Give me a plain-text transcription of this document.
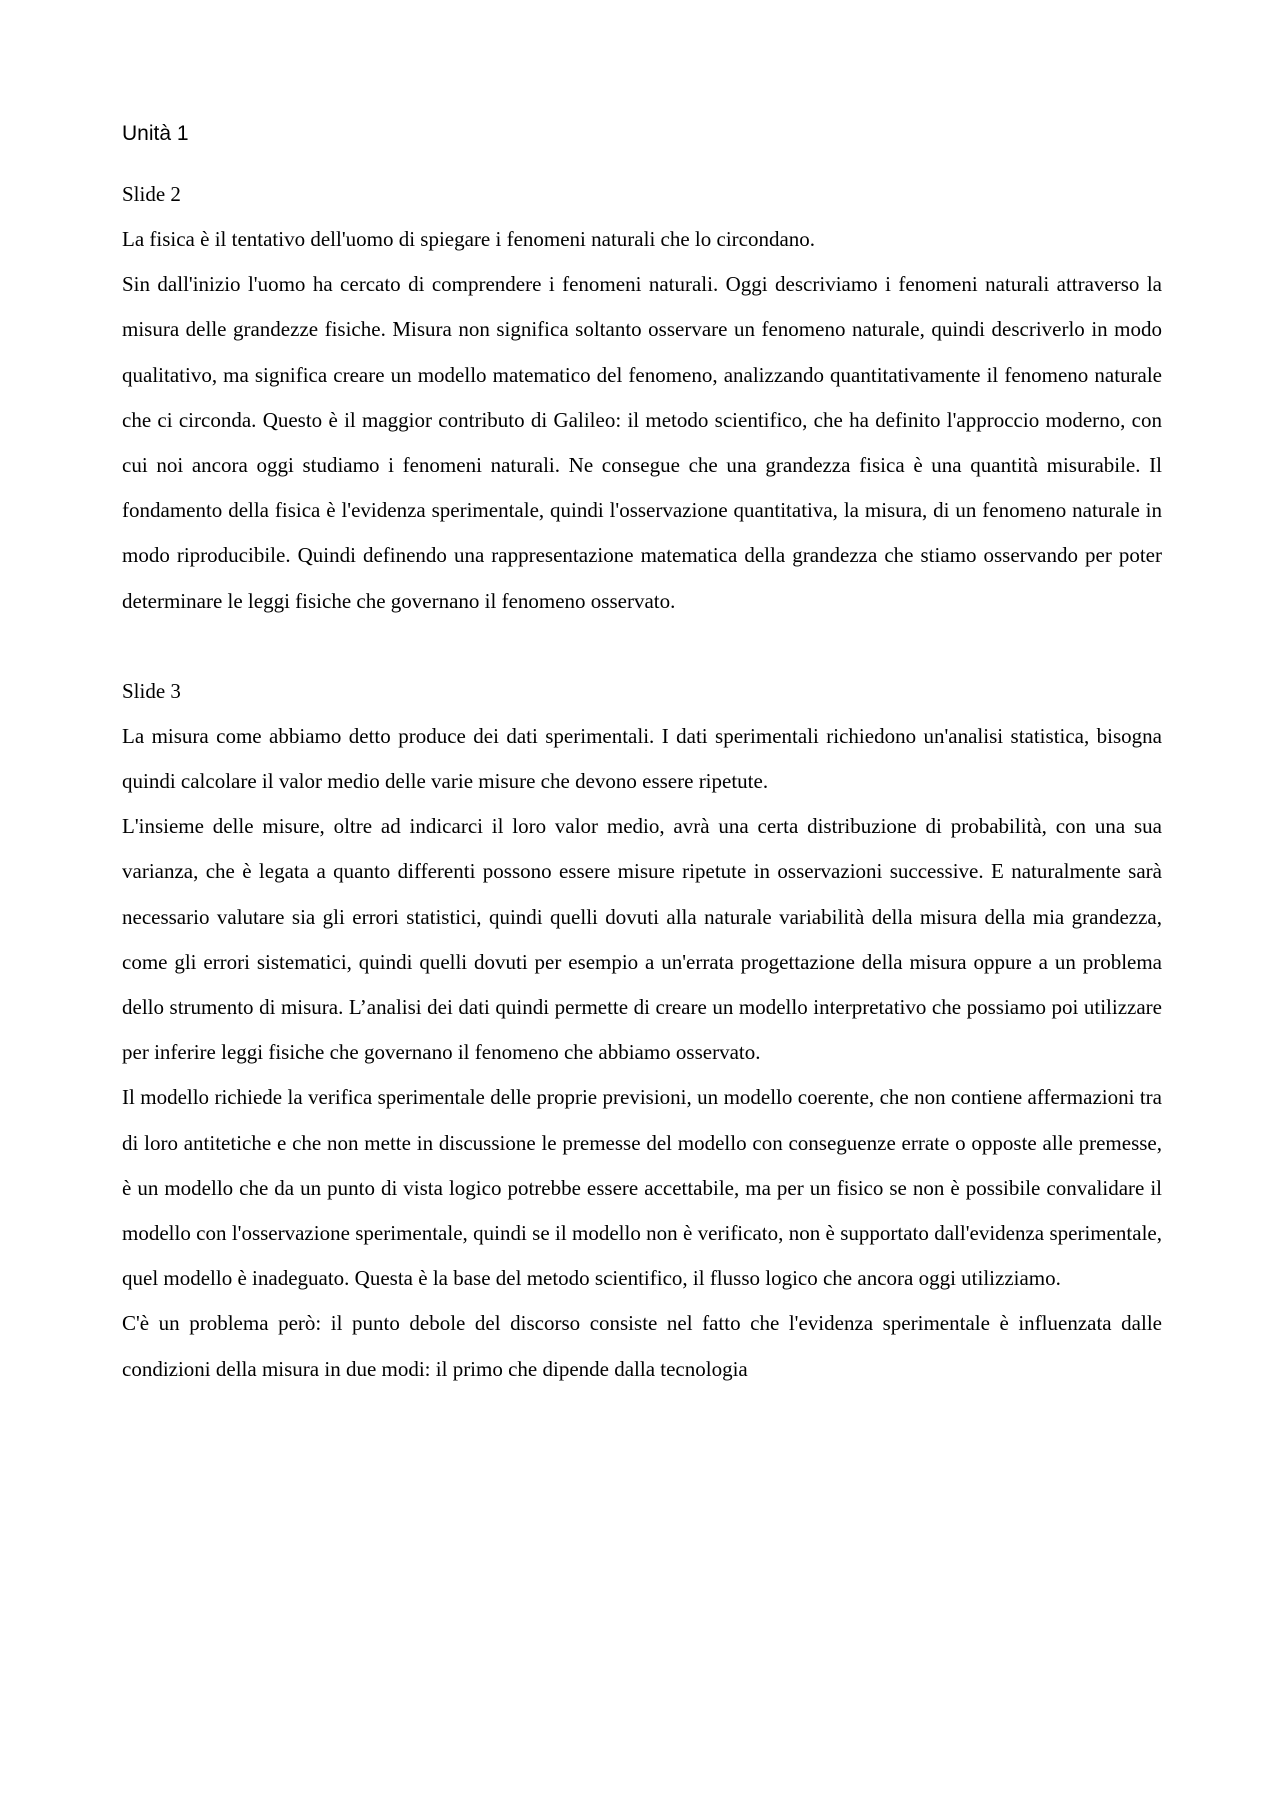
Unità 1
Slide 2

La fisica è il tentativo dell'uomo di spiegare i fenomeni naturali che lo circondano.

Sin dall'inizio l'uomo ha cercato di comprendere i fenomeni naturali. Oggi descriviamo i fenomeni naturali attraverso la misura delle grandezze fisiche. Misura non significa soltanto osservare un fenomeno naturale, quindi descriverlo in modo qualitativo, ma significa creare un modello matematico del fenomeno, analizzando quantitativamente il fenomeno naturale che ci circonda. Questo è il maggior contributo di Galileo: il metodo scientifico, che ha definito l'approccio moderno, con cui noi ancora oggi studiamo i fenomeni naturali. Ne consegue che una grandezza fisica è una quantità misurabile. Il fondamento della fisica è l'evidenza sperimentale, quindi l'osservazione quantitativa, la misura, di un fenomeno naturale in modo riproducibile. Quindi definendo una rappresentazione matematica della grandezza che stiamo osservando per poter determinare le leggi fisiche che governano il fenomeno osservato.

Slide 3

La misura come abbiamo detto produce dei dati sperimentali. I dati sperimentali richiedono un'analisi statistica, bisogna quindi calcolare il valor medio delle varie misure che devono essere ripetute.

L'insieme delle misure, oltre ad indicarci il loro valor medio, avrà una certa distribuzione di probabilità, con una sua varianza, che è legata a quanto differenti possono essere misure ripetute in osservazioni successive. E naturalmente sarà necessario valutare sia gli errori statistici, quindi quelli dovuti alla naturale variabilità della misura della mia grandezza, come gli errori sistematici, quindi quelli dovuti per esempio a un'errata progettazione della misura oppure a un problema dello strumento di misura. L’analisi dei dati quindi permette di creare un modello interpretativo che possiamo poi utilizzare per inferire leggi fisiche che governano il fenomeno che abbiamo osservato.

Il modello richiede la verifica sperimentale delle proprie previsioni, un modello coerente, che non contiene affermazioni tra di loro antitetiche e che non mette in discussione le premesse del modello con conseguenze errate o opposte alle premesse, è un modello che da un punto di vista logico potrebbe essere accettabile, ma per un fisico se non è possibile convalidare il modello con l'osservazione sperimentale, quindi se il modello non è verificato, non è supportato dall'evidenza sperimentale, quel modello è inadeguato. Questa è la base del metodo scientifico, il flusso logico che ancora oggi utilizziamo.

C'è un problema però: il punto debole del discorso consiste nel fatto che l'evidenza sperimentale è influenzata dalle condizioni della misura in due modi: il primo che dipende dalla tecnologia
